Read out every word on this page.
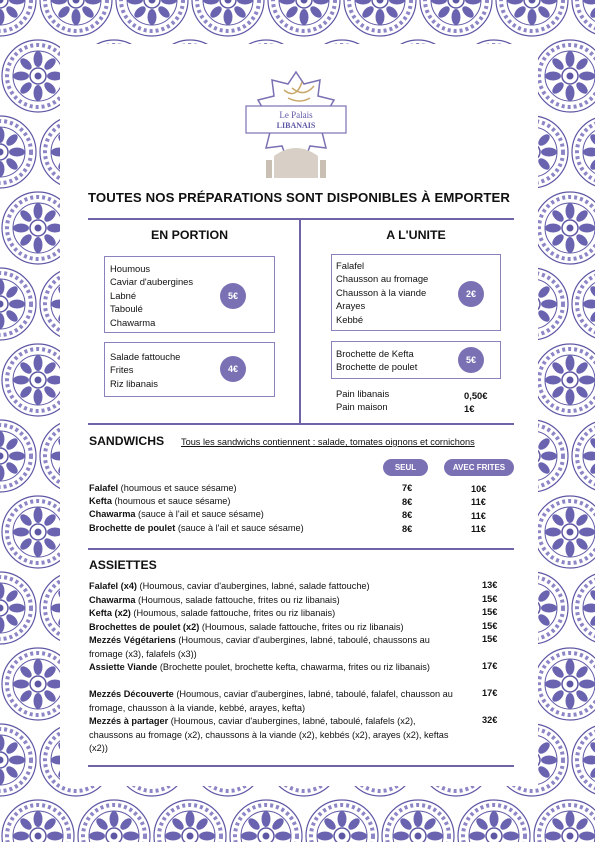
Le Palais
LIBANAIS
TOUTES NOS PRÉPARATIONS SONT DISPONIBLES À EMPORTER
EN PORTION
Houmous
Caviar d'aubergines
Labné
Taboulé
Chawarma
5€
Salade fattouche
Frites
Riz libanais
4€
A L'UNITE
Falafel
Chausson au fromage
Chausson à la viande
Arayes
Kebbé
2€
Brochette de Kefta
Brochette de poulet
5€
Pain libanais	0,50€
Pain maison	1€
SANDWICHS Tous les sandwichs contiennent : salade, tomates oignons et cornichons
SEUL	AVEC FRITES
Falafel (houmous et sauce sésame)	7€	10€
Kefta (houmous et sauce sésame)	8€	11€
Chawarma (sauce à l'ail et sauce sésame)	8€	11€
Brochette de poulet (sauce à l'ail et sauce sésame)	8€	11€
ASSIETTES
Falafel (x4) (Houmous, caviar d'aubergines, labné, salade fattouche)	13€
Chawarma (Houmous, salade fattouche, frites ou riz libanais)	15€
Kefta (x2) (Houmous, salade fattouche, frites ou riz libanais)	15€
Brochettes de poulet (x2) (Houmous, salade fattouche, frites ou riz libanais)	15€
Mezzés Végétariens (Houmous, caviar d'aubergines, labné, taboulé, chaussons au fromage (x3), falafels (x3))
15€
Assiette Viande (Brochette poulet, brochette kefta, chawarma, frites ou riz libanais)	17€
Mezzés Découverte (Houmous, caviar d'aubergines, labné, taboulé, falafel, chausson au fromage, chausson à la viande, kebbé, arayes, kefta)
17€
Mezzés à partager (Houmous, caviar d'aubergines, labné, taboulé, falafels (x2), chaussons au fromage (x2), chaussons à la viande (x2), kebbés (x2), arayes (x2), keftas (x2))
32€
